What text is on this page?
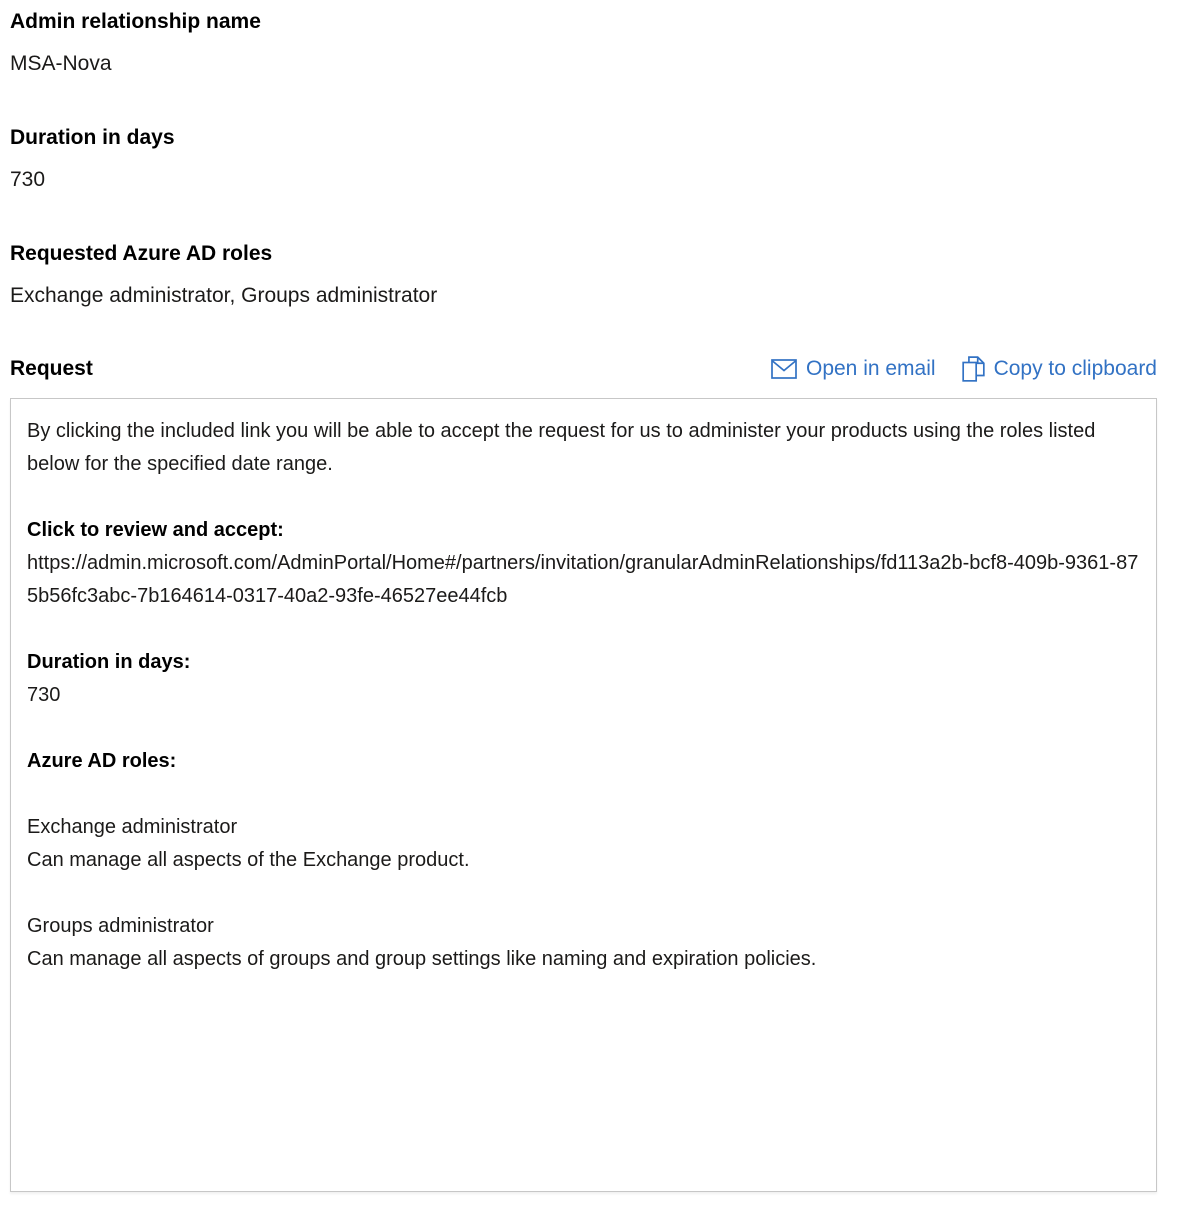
Admin relationship name
MSA-Nova
Duration in days
730
Requested Azure AD roles
Exchange administrator, Groups administrator
Request	Open in email	Copy to clipboard
By clicking the included link you will be able to accept the request for us to administer your products using the roles listed below for the specified date range.
Click to review and accept:
https://admin.microsoft.com/AdminPortal/Home#/partners/invitation/granularAdminRelationships/fd113a2b-bcf8-409b-9361-875b56fc3abc-7b164614-0317-40a2-93fe-46527ee44fcb
Duration in days:
730
Azure AD roles:
Exchange administrator
Can manage all aspects of the Exchange product.
Groups administrator
Can manage all aspects of groups and group settings like naming and expiration policies.
